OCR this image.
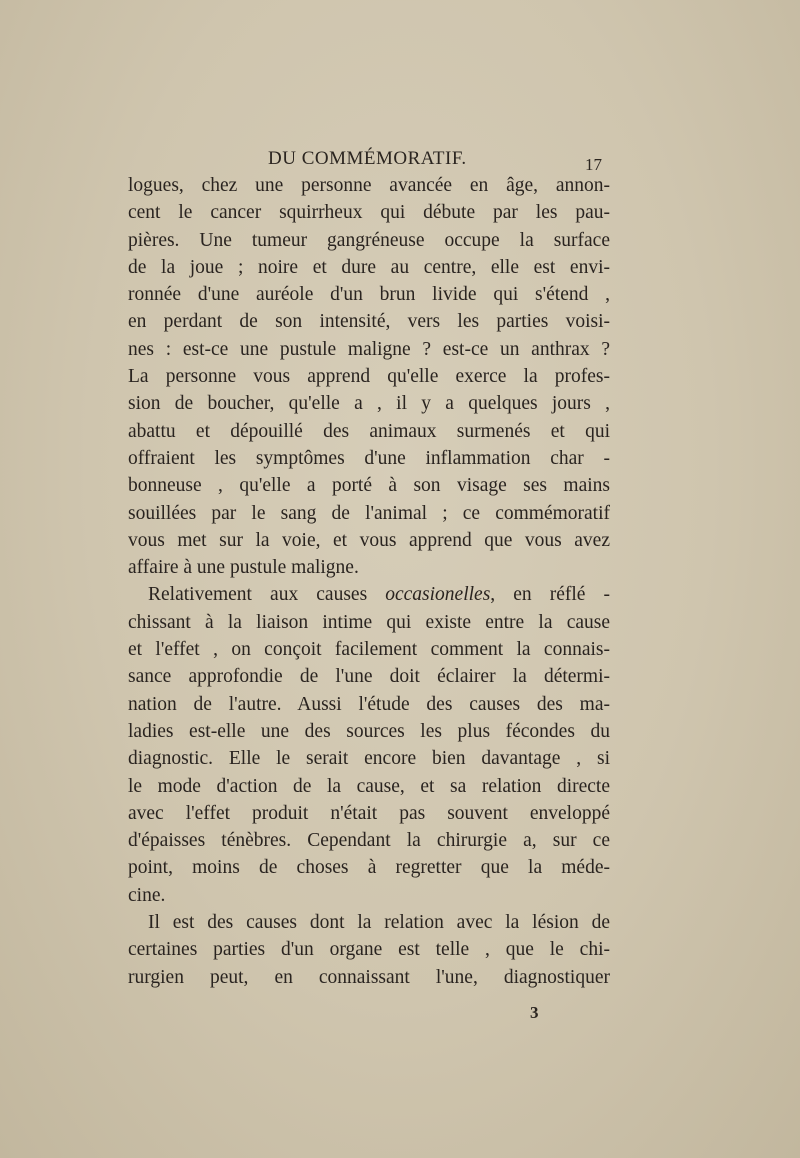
DU COMMÉMORATIF.	17
logues, chez une personne avancée en âge, annon-
cent le cancer squirrheux qui débute par les pau-
pières. Une tumeur gangréneuse occupe la surface
de la joue ; noire et dure au centre, elle est envi-
ronnée d'une auréole d'un brun livide qui s'étend ,
en perdant de son intensité, vers les parties voisi-
nes : est-ce une pustule maligne ? est-ce un anthrax ?
La personne vous apprend qu'elle exerce la profes-
sion de boucher, qu'elle a , il y a quelques jours ,
abattu et dépouillé des animaux surmenés et qui
offraient les symptômes d'une inflammation char -
bonneuse , qu'elle a porté à son visage ses mains
souillées par le sang de l'animal ; ce commémoratif
vous met sur la voie, et vous apprend que vous avez
affaire à une pustule maligne.
Relativement aux causes occasionelles, en réflé -
chissant à la liaison intime qui existe entre la cause
et l'effet , on conçoit facilement comment la connais-
sance approfondie de l'une doit éclairer la détermi-
nation de l'autre. Aussi l'étude des causes des ma-
ladies est-elle une des sources les plus fécondes du
diagnostic. Elle le serait encore bien davantage , si
le mode d'action de la cause, et sa relation directe
avec l'effet produit n'était pas souvent enveloppé
d'épaisses ténèbres. Cependant la chirurgie a, sur ce
point, moins de choses à regretter que la méde-
cine.
Il est des causes dont la relation avec la lésion de
certaines parties d'un organe est telle , que le chi-
rurgien peut, en connaissant l'une, diagnostiquer
3
